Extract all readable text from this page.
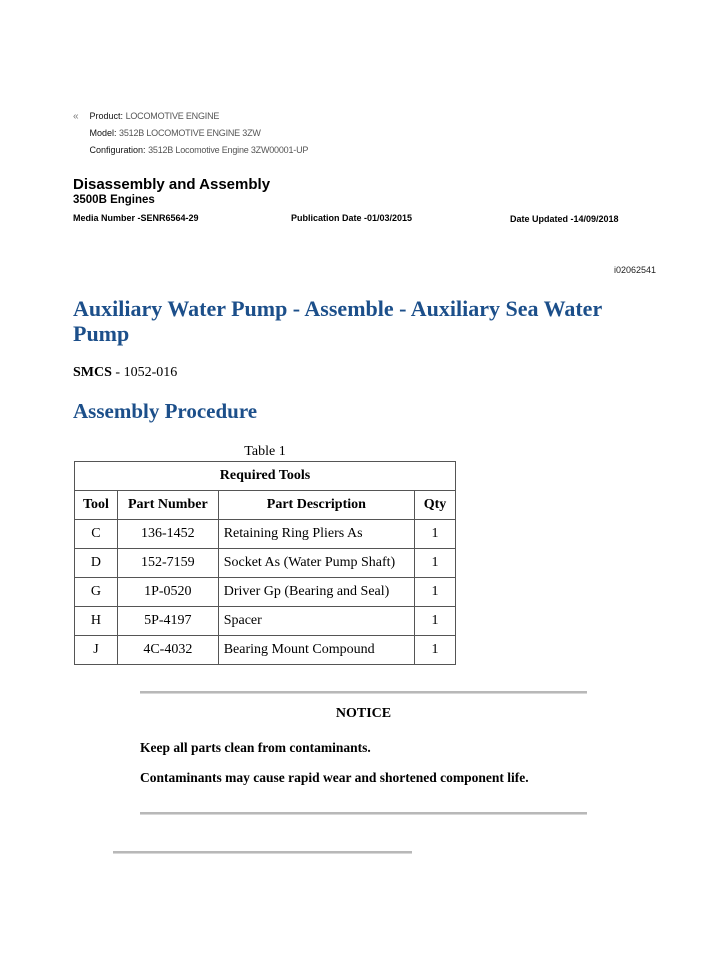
« Product: LOCOMOTIVE ENGINE
Model: 3512B LOCOMOTIVE ENGINE 3ZW
Configuration: 3512B Locomotive Engine 3ZW00001-UP
Disassembly and Assembly
3500B Engines
Media Number -SENR6564-29	Publication Date -01/03/2015	Date Updated -14/09/2018
i02062541
Auxiliary Water Pump - Assemble - Auxiliary Sea Water Pump
SMCS - 1052-016
Assembly Procedure
Table 1
Required Tools			
Tool	Part Number	Part Description	Qty
C	136-1452	Retaining Ring Pliers As	1
D	152-7159	Socket As (Water Pump Shaft)	1
G	1P-0520	Driver Gp (Bearing and Seal)	1
H	5P-4197	Spacer	1
J	4C-4032	Bearing Mount Compound	1
NOTICE

Keep all parts clean from contaminants.

Contaminants may cause rapid wear and shortened component life.
